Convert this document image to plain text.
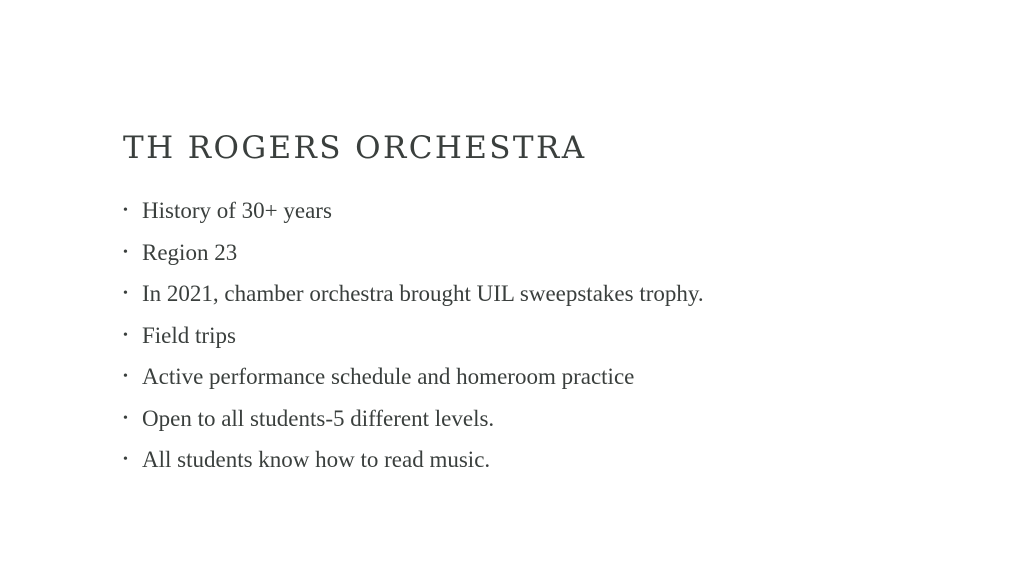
TH ROGERS ORCHESTRA
• History of 30+ years
• Region 23
• In 2021, chamber orchestra brought UIL sweepstakes trophy.
• Field trips
• Active performance schedule and homeroom practice
• Open to all students-5 different levels.
• All students know how to read music.
